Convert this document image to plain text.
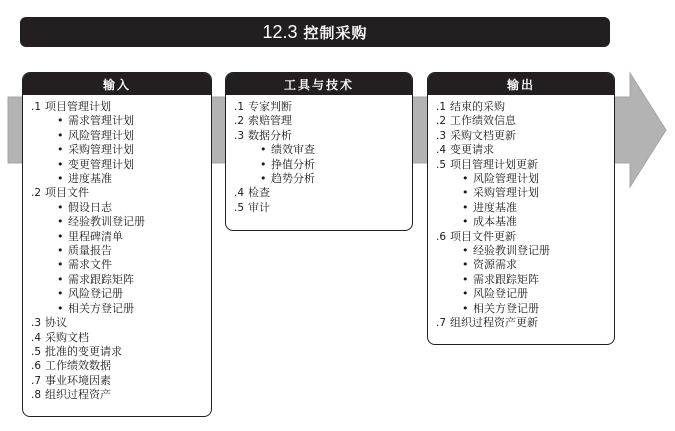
12.3 控制采购
输入
.1 项目管理计划
• 需求管理计划
• 风险管理计划
• 采购管理计划
• 变更管理计划
• 进度基准
.2 项目文件
• 假设日志
• 经验教训登记册
• 里程碑清单
• 质量报告
• 需求文件
• 需求跟踪矩阵
• 风险登记册
• 相关方登记册
.3 协议
.4 采购文档
.5 批准的变更请求
.6 工作绩效数据
.7 事业环境因素
.8 组织过程资产
工具与技术
.1 专家判断
.2 索赔管理
.3 数据分析
• 绩效审查
• 挣值分析
• 趋势分析
.4 检查
.5 审计
输出
.1 结束的采购
.2 工作绩效信息
.3 采购文档更新
.4 变更请求
.5 项目管理计划更新
• 风险管理计划
• 采购管理计划
• 进度基准
• 成本基准
.6 项目文件更新
• 经验教训登记册
• 资源需求
• 需求跟踪矩阵
• 风险登记册
• 相关方登记册
.7 组织过程资产更新
